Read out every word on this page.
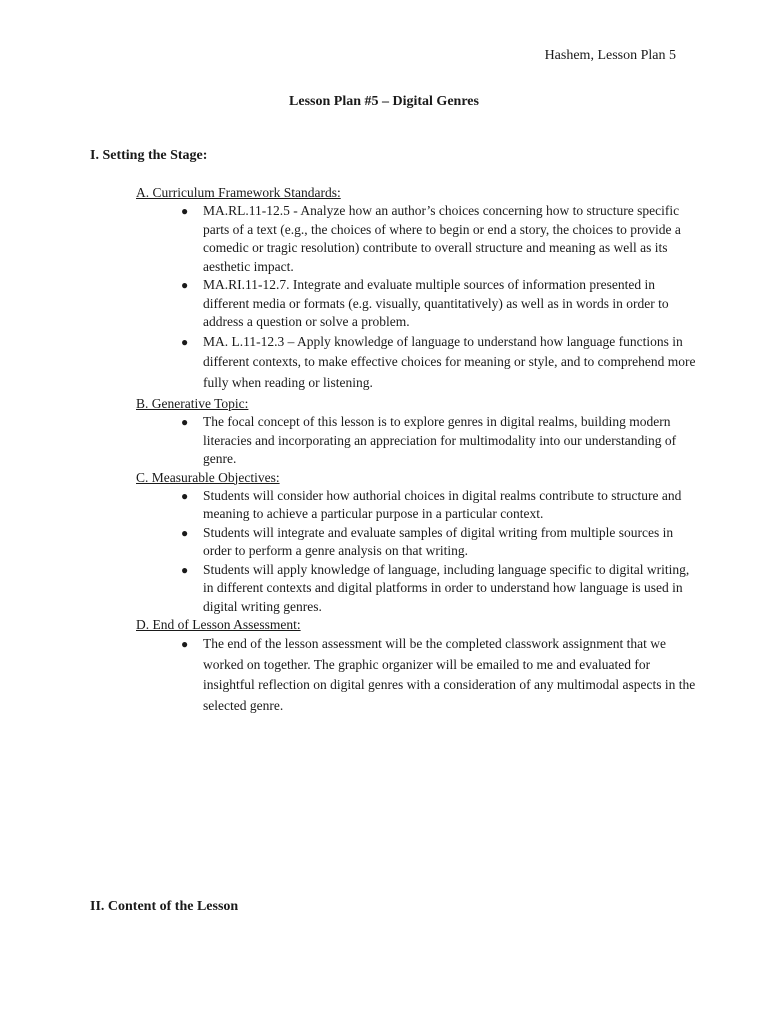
Hashem, Lesson Plan 5
Lesson Plan #5 – Digital Genres
I. Setting the Stage:

A. Curriculum Framework Standards:

● MA.RL.11-12.5 - Analyze how an author’s choices concerning how to structure specific parts of a text (e.g., the choices of where to begin or end a story, the choices to provide a comedic or tragic resolution) contribute to overall structure and meaning as well as its aesthetic impact.
● MA.RI.11-12.7. Integrate and evaluate multiple sources of information presented in different media or formats (e.g. visually, quantitatively) as well as in words in order to address a question or solve a problem.
● MA. L.11-12.3 – Apply knowledge of language to understand how language functions in different contexts, to make effective choices for meaning or style, and to comprehend more fully when reading or listening.

B. Generative Topic:

● The focal concept of this lesson is to explore genres in digital realms, building modern literacies and incorporating an appreciation for multimodality into our understanding of genre.

C. Measurable Objectives:

● Students will consider how authorial choices in digital realms contribute to structure and meaning to achieve a particular purpose in a particular context.
● Students will integrate and evaluate samples of digital writing from multiple sources in order to perform a genre analysis on that writing.
● Students will apply knowledge of language, including language specific to digital writing, in different contexts and digital platforms in order to understand how language is used in digital writing genres.

D. End of Lesson Assessment:

● The end of the lesson assessment will be the completed classwork assignment that we worked on together. The graphic organizer will be emailed to me and evaluated for insightful reflection on digital genres with a consideration of any multimodal aspects in the selected genre.
II. Content of the Lesson
